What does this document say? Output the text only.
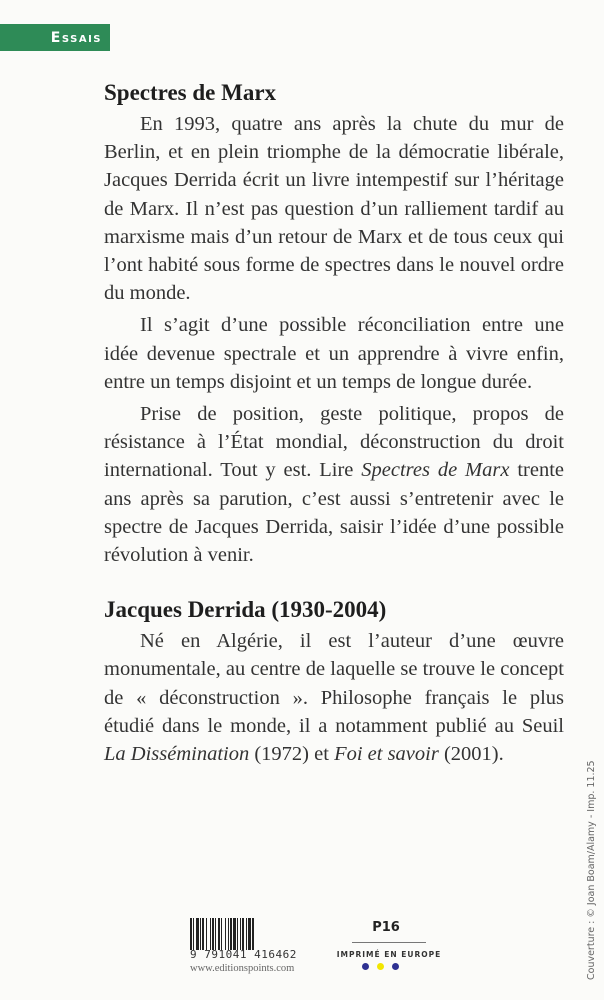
Essais
Spectres de Marx

En 1993, quatre ans après la chute du mur de Berlin, et en plein triomphe de la démocratie libérale, Jacques Derrida écrit un livre intempestif sur l’héritage de Marx. Il n’est pas question d’un ralliement tardif au marxisme mais d’un retour de Marx et de tous ceux qui l’ont habité sous forme de spectres dans le nouvel ordre du monde.

Il s’agit d’une possible réconciliation entre une idée devenue spectrale et un apprendre à vivre enfin, entre un temps disjoint et un temps de longue durée.

Prise de position, geste politique, propos de résistance à l’État mondial, déconstruction du droit international. Tout y est. Lire Spectres de Marx trente ans après sa parution, c’est aussi s’entretenir avec le spectre de Jacques Derrida, saisir l’idée d’une possible révolution à venir.

Jacques Derrida (1930-2004)

Né en Algérie, il est l’auteur d’une œuvre monumentale, au centre de laquelle se trouve le concept de « déconstruction ». Philosophe français le plus étudié dans le monde, il a notamment publié au Seuil La Dissémination (1972) et Foi et savoir (2001).

9 791041 416462
www.editionspoints.com
P16
IMPRIMÉ EN EUROPE	Couverture : © Joan Boam/Alamy - Imp. 11.25
